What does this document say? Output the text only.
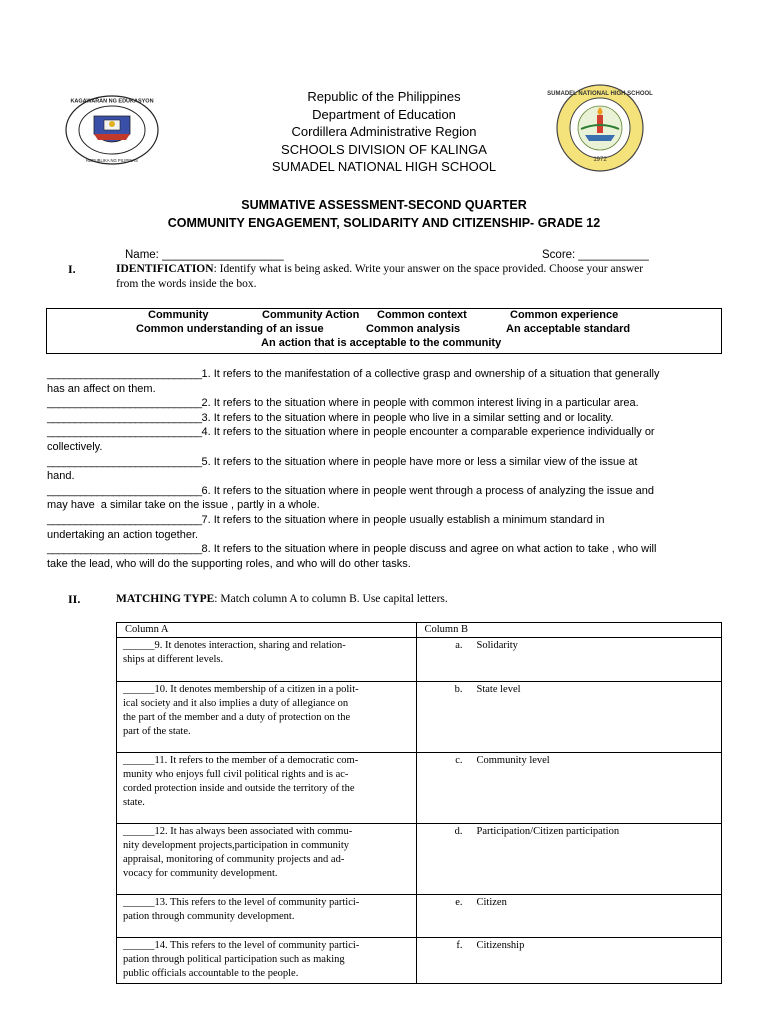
KAGAWARAN NG EDUKASYON
REPUBLIKA NG PILIPINAS	1972
SUMADEL NATIONAL HIGH SCHOOL
Republic of the Philippines
Department of Education
Cordillera Administrative Region
SCHOOLS DIVISION OF KALINGA
SUMADEL NATIONAL HIGH SCHOOL
SUMMATIVE ASSESSMENT-SECOND QUARTER
COMMUNITY ENGAGEMENT, SOLIDARITY AND CITIZENSHIP- GRADE 12
Name: ___________________	Score: ___________
I.	IDENTIFICATION: Identify what is being asked. Write your answer on the space provided. Choose your answer
from the words inside the box.
Community	Community Action Common context	Common experience
Common understanding of an issue	Common analysis	An acceptable standard
An action that is acceptable to the community
____________________________1. It refers to the manifestation of a collective grasp and ownership of a situation that generally
has an affect on them.
____________________________2. It refers to the situation where in people with common interest living in a particular area.
____________________________3. It refers to the situation where in people who live in a similar setting and or locality.
____________________________4. It refers to the situation where in people encounter a comparable experience individually or
collectively.
____________________________5. It refers to the situation where in people have more or less a similar view of the issue at
hand.
____________________________6. It refers to the situation where in people went through a process of analyzing the issue and
may have  a similar take on the issue , partly in a whole.
____________________________7. It refers to the situation where in people usually establish a minimum standard in
undertaking an action together.
____________________________8. It refers to the situation where in people discuss and agree on what action to take , who will
take the lead, who will do the supporting roles, and who will do other tasks.
II.	MATCHING TYPE: Match column A to column B. Use capital letters.
Column A	Column B

______9. It denotes interaction, sharing and relation-
ships at different levels.	a. Solidarity

______10. It denotes membership of a citizen in a polit-
ical society and it also implies a duty of allegiance on
the part of the member and a duty of protection on the
part of the state.	b. State level

______11. It refers to the member of a democratic com-
munity who enjoys full civil political rights and is ac-
corded protection inside and outside the territory of the
state.	c. Community level

______12. It has always been associated with commu-
nity development projects,participation in community
appraisal, monitoring of community projects and ad-
vocacy for community development.	d. Participation/Citizen participation

______13. This refers to the level of community partici-
pation through community development.	e. Citizen

______14. This refers to the level of community partici-
pation through political participation such as making
public officials accountable to the people.	f. Citizenship
